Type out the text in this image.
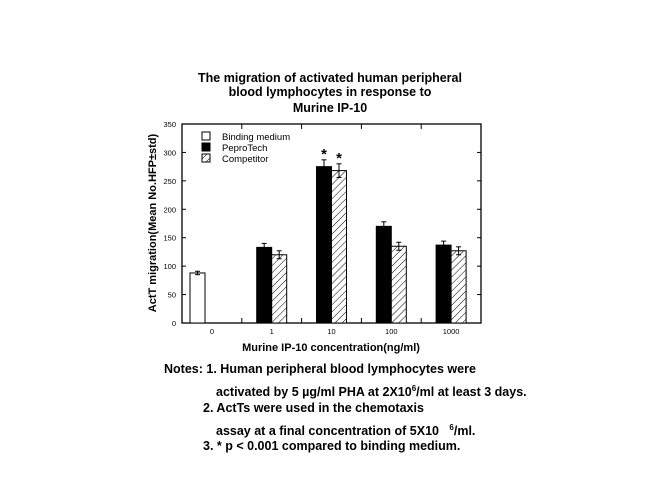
The migration of activated human peripheral
blood lymphocytes in response to
Murine IP-10
0
50
100
150
200
250
300
350
0	1	10
* *
100	1000
ActT migration(Mean No.HFP±std)
Murine IP-10 concentration(ng/ml)
Binding medium
PeproTech
Competitor
Notes: 1. Human peripheral blood lymphocytes were
activated by 5 µg/ml PHA at $2X10^6/ml$ at least 3 days.
2. ActTs were used in the chemotaxis
assay at a final concentration of 5X10 $^6$/ml.
3. * p < 0.001 compared to binding medium.
